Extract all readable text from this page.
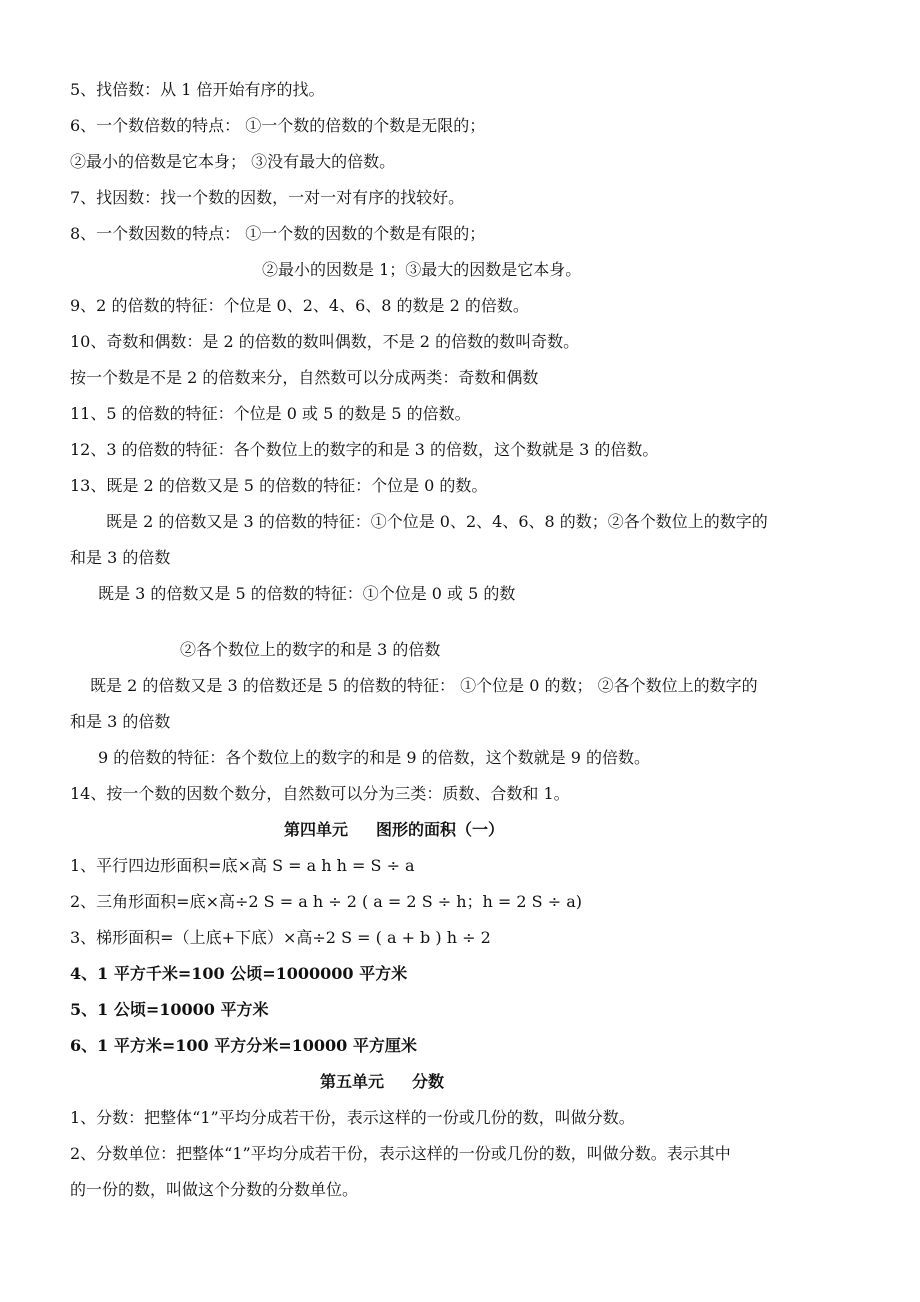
5、找倍数：从 1 倍开始有序的找。
6、一个数倍数的特点： ①一个数的倍数的个数是无限的；
②最小的倍数是它本身； ③没有最大的倍数。
7、找因数：找一个数的因数，一对一对有序的找较好。
8、一个数因数的特点： ①一个数的因数的个数是有限的；
②最小的因数是 1；③最大的因数是它本身。
9、2 的倍数的特征：个位是 0、2、4、6、8 的数是 2 的倍数。
10、奇数和偶数：是 2 的倍数的数叫偶数，不是 2 的倍数的数叫奇数。
按一个数是不是 2 的倍数来分，自然数可以分成两类：奇数和偶数
11、5 的倍数的特征：个位是 0 或 5 的数是 5 的倍数。
12、3 的倍数的特征：各个数位上的数字的和是 3 的倍数，这个数就是 3 的倍数。
13、既是 2 的倍数又是 5 的倍数的特征：个位是 0 的数。
既是 2 的倍数又是 3 的倍数的特征：①个位是 0、2、4、6、8 的数；②各个数位上的数字的
和是 3 的倍数
既是 3 的倍数又是 5 的倍数的特征：①个位是 0 或 5 的数
②各个数位上的数字的和是 3 的倍数
既是 2 的倍数又是 3 的倍数还是 5 的倍数的特征： ①个位是 0 的数； ②各个数位上的数字的
和是 3 的倍数
9 的倍数的特征：各个数位上的数字的和是 9 的倍数，这个数就是 9 的倍数。
14、按一个数的因数个数分，自然数可以分为三类：质数、合数和 1。
第四单元 图形的面积（一）
1、平行四边形面积=底×高 S = a h h = S ÷ a
2、三角形面积=底×高÷2 S = a h ÷ 2 ( a = 2 S ÷ h；h = 2 S ÷ a)
3、梯形面积=（上底+下底）×高÷2 S = ( a + b ) h ÷ 2
4、1 平方千米=100 公顷=1000000 平方米
5、1 公顷=10000 平方米
6、1 平方米=100 平方分米=10000 平方厘米
第五单元 分数
1、分数：把整体“1”平均分成若干份，表示这样的一份或几份的数，叫做分数。
2、分数单位：把整体“1”平均分成若干份，表示这样的一份或几份的数，叫做分数。表示其中
的一份的数，叫做这个分数的分数单位。
